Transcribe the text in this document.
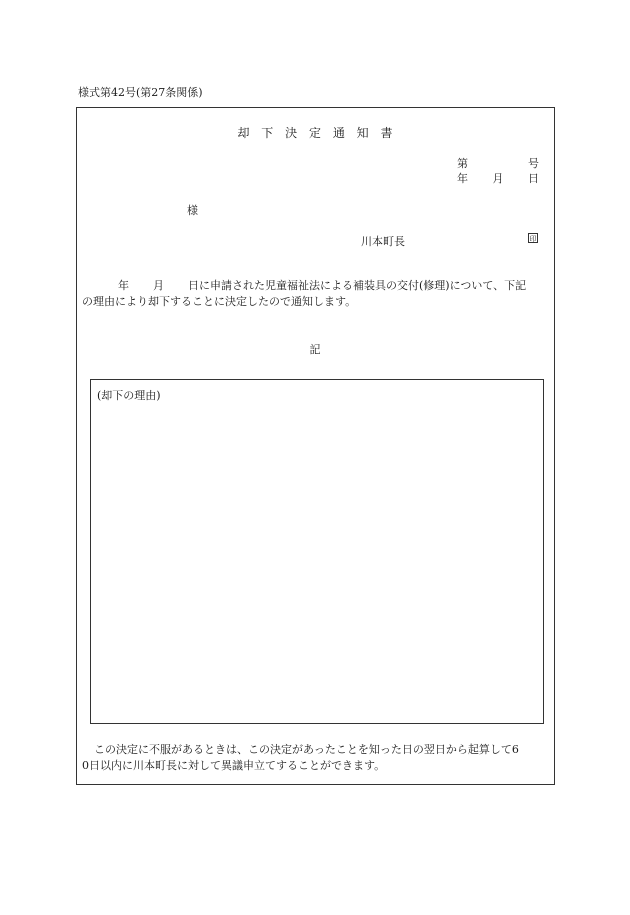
様式第42号(第27条関係)
却 下 決 定 通 知 書
第	号
年 月 日
様
川本町長	印
年 月 日に申請された児童福祉法による補装具の交付(修理)について、下記
の理由により却下することに決定したので通知します。
記
(却下の理由)
この決定に不服があるときは、この決定があったことを知った日の翌日から起算して6
0日以内に川本町長に対して異議申立てすることができます。
